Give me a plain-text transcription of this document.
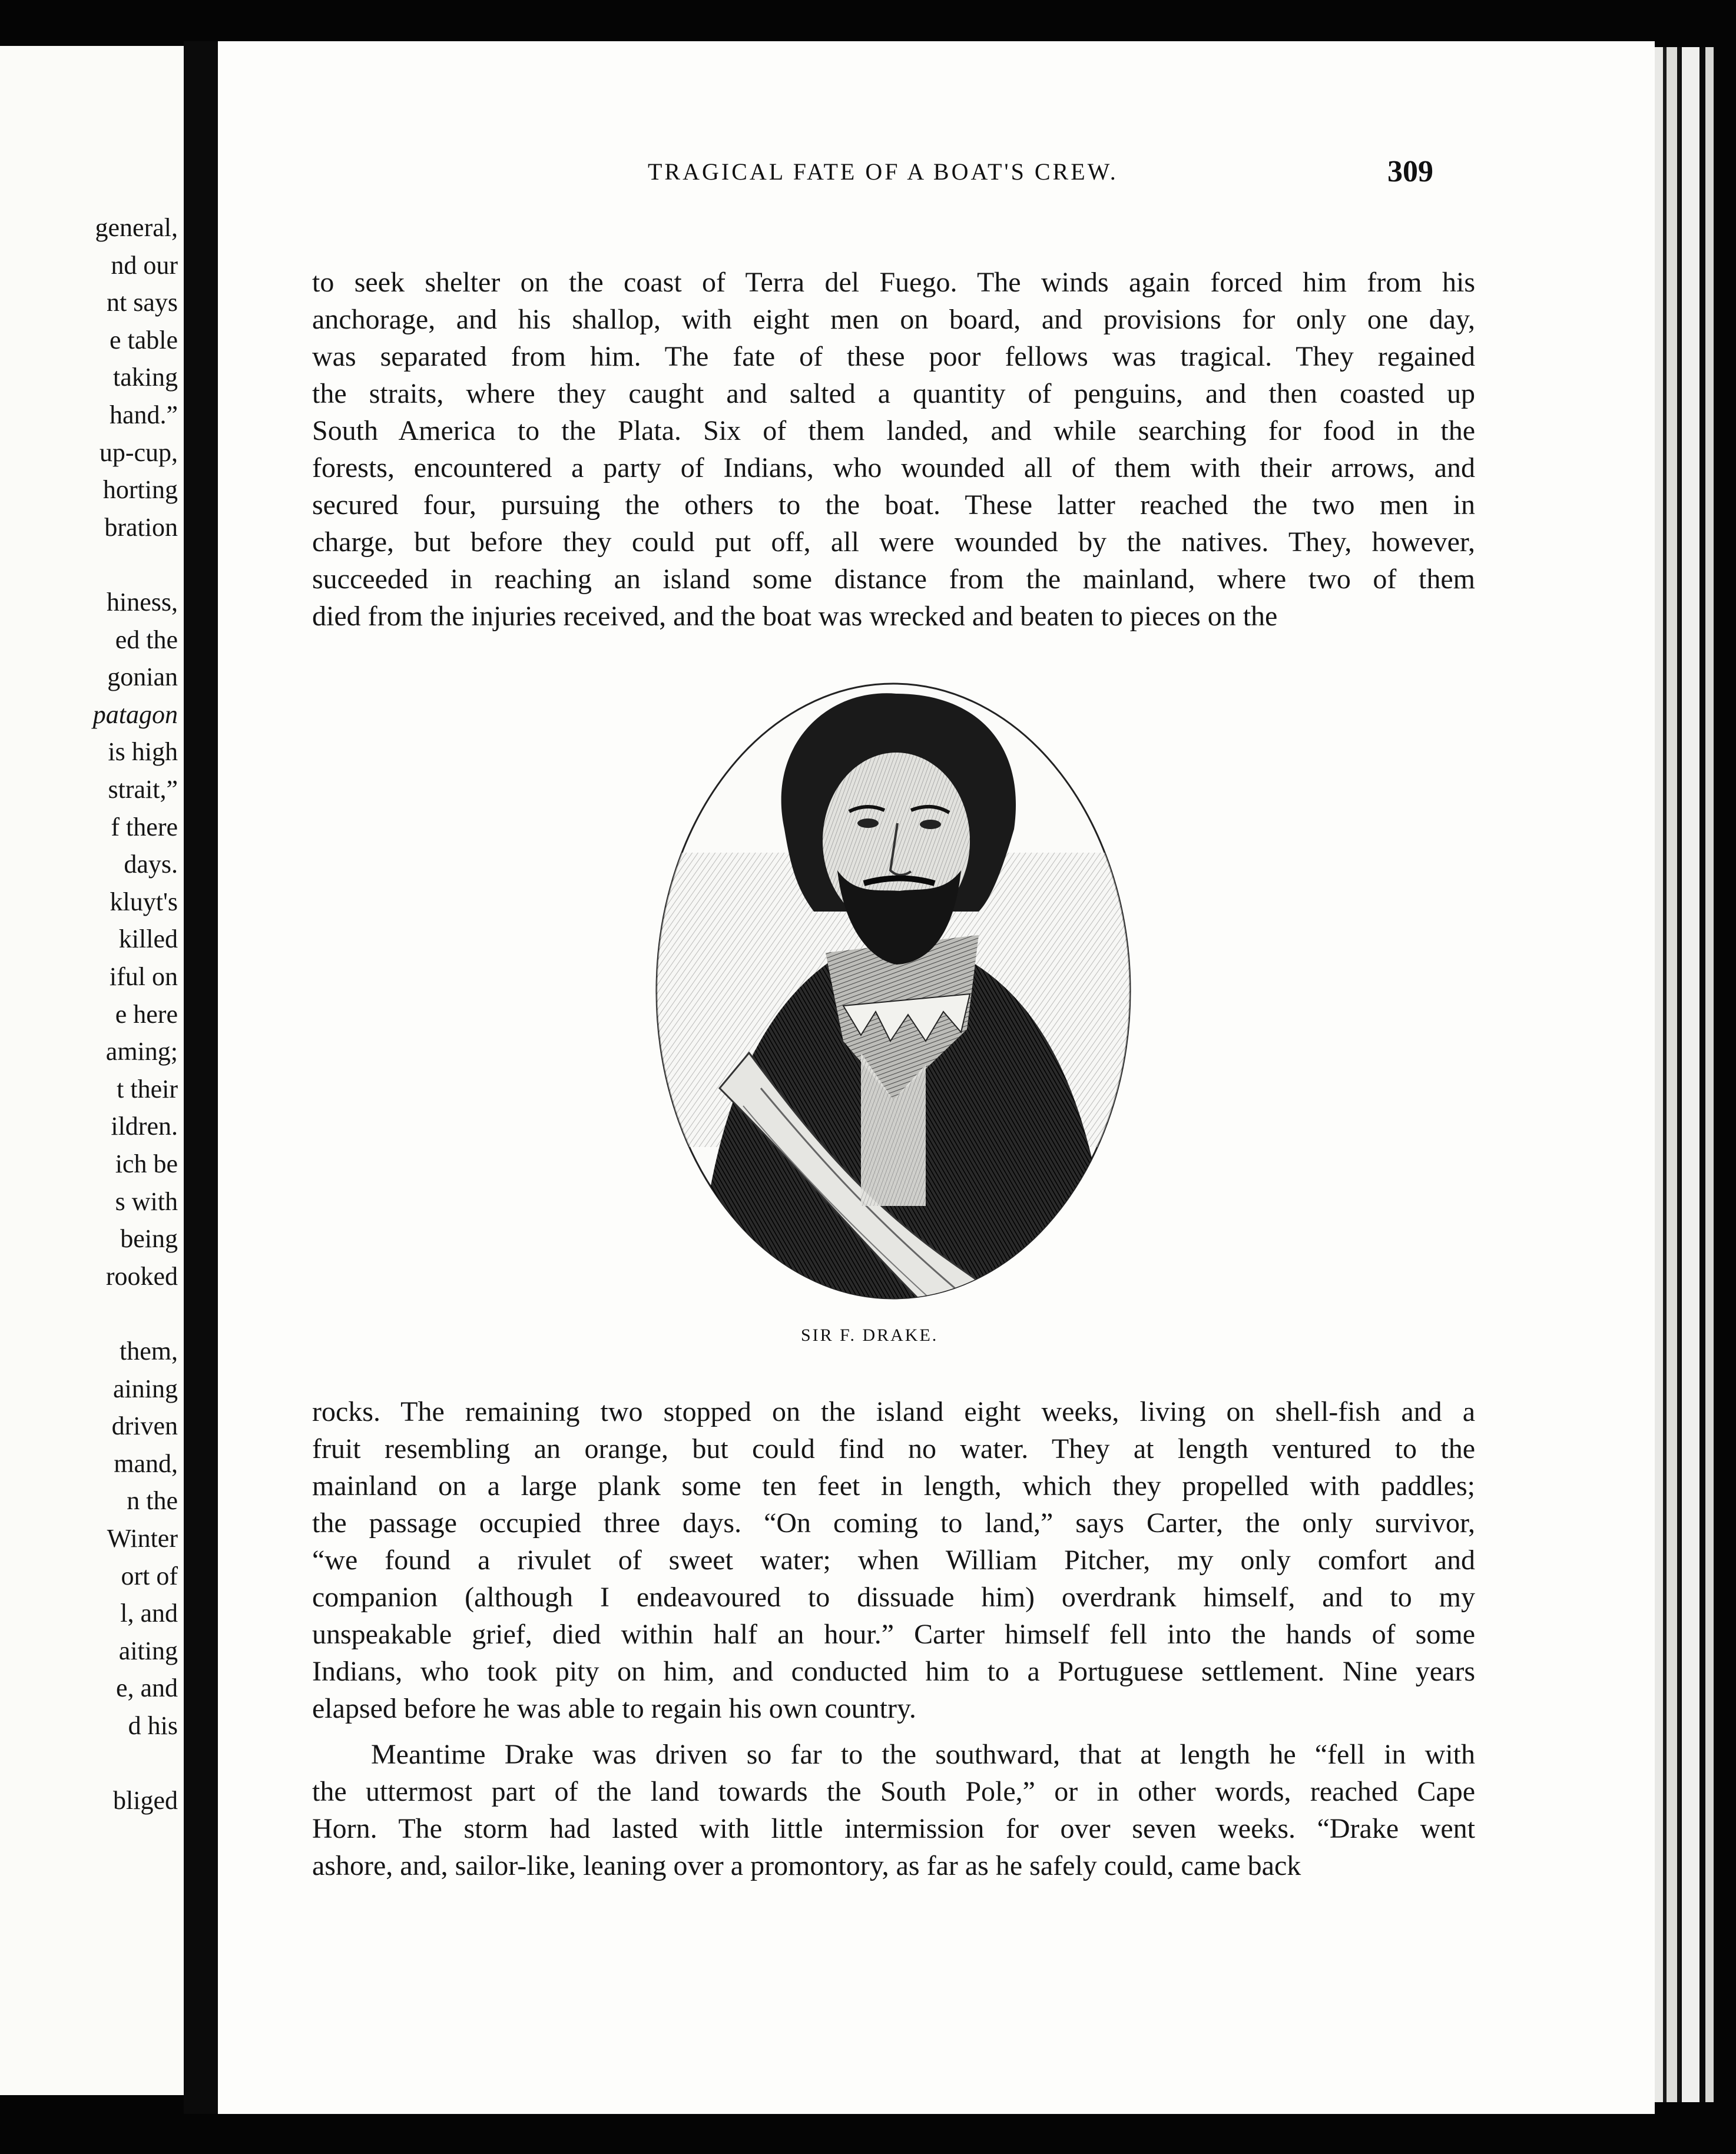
general,
nd our
nt says
e table
taking
hand.”
up-cup,
horting
bration
hiness,
ed the
gonian
patagon
is high
strait,”
f there
days.
kluyt's
killed
iful on
e here
aming;
t their
ildren.
ich be
s with
being
rooked
them,
aining
driven
mand,
n the
Winter
ort of
l, and
aiting
e, and
d his
bliged
TRAGICAL FATE OF A BOAT'S CREW.	309
to seek shelter on the coast of Terra del Fuego. The winds again forced him from his
anchorage, and his shallop, with eight men on board, and provisions for only one day,
was separated from him. The fate of these poor fellows was tragical. They regained
the straits, where they caught and salted a quantity of penguins, and then coasted up
South America to the Plata. Six of them landed, and while searching for food in the
forests, encountered a party of Indians, who wounded all of them with their arrows, and
secured four, pursuing the others to the boat. These latter reached the two men in
charge, but before they could put off, all were wounded by the natives. They, however,
succeeded in reaching an island some distance from the mainland, where two of them
died from the injuries received, and the boat was wrecked and beaten to pieces on the
SIR F. DRAKE.
rocks. The remaining two stopped on the island eight weeks, living on shell-fish and a
fruit resembling an orange, but could find no water. They at length ventured to the
mainland on a large plank some ten feet in length, which they propelled with paddles;
the passage occupied three days. “On coming to land,” says Carter, the only survivor,
“we found a rivulet of sweet water; when William Pitcher, my only comfort and
companion (although I endeavoured to dissuade him) overdrank himself, and to my
unspeakable grief, died within half an hour.” Carter himself fell into the hands of some
Indians, who took pity on him, and conducted him to a Portuguese settlement. Nine years
elapsed before he was able to regain his own country.
Meantime Drake was driven so far to the southward, that at length he “fell in with
the uttermost part of the land towards the South Pole,” or in other words, reached Cape
Horn. The storm had lasted with little intermission for over seven weeks. “Drake went
ashore, and, sailor-like, leaning over a promontory, as far as he safely could, came back
